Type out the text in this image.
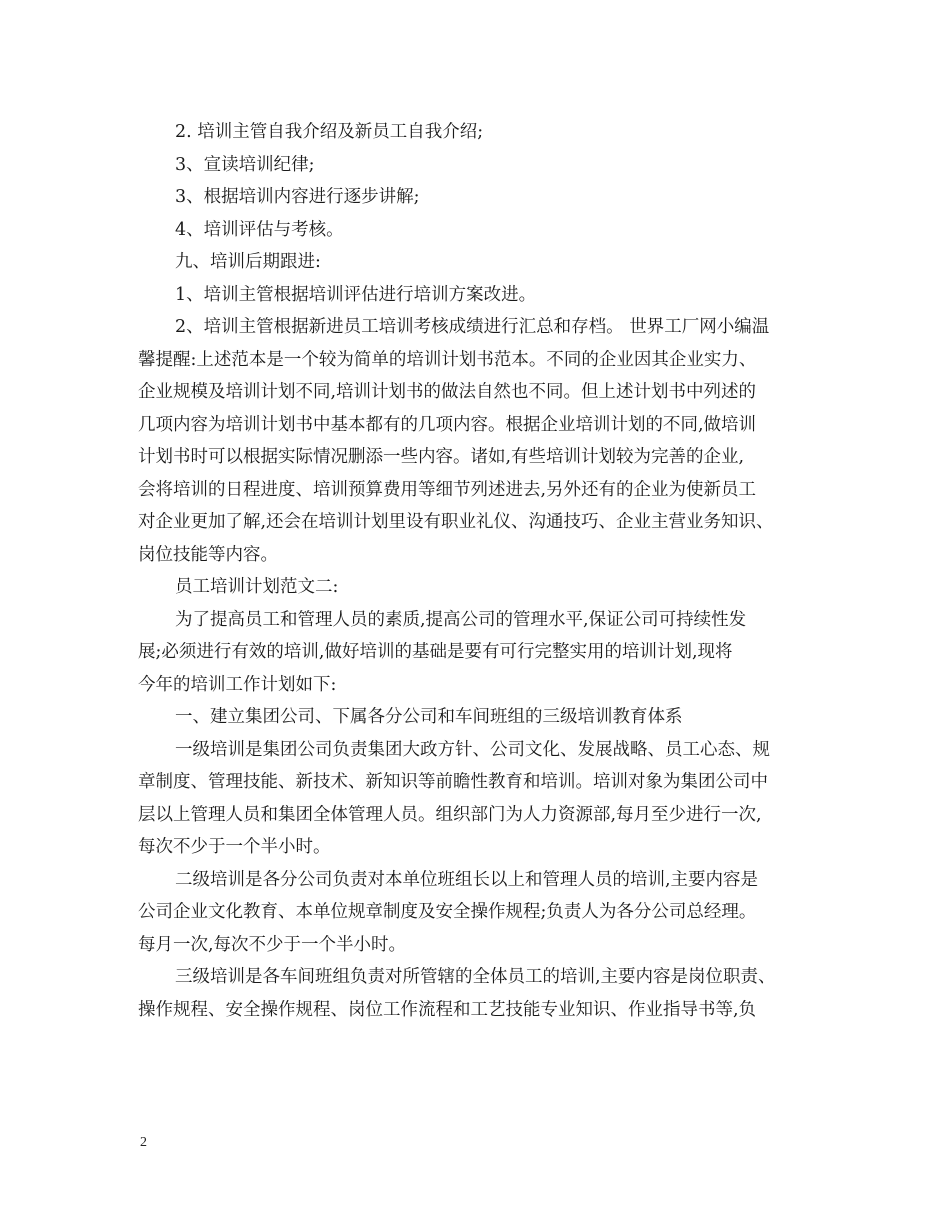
2. 培训主管自我介绍及新员工自我介绍;
3、宣读培训纪律;
3、根据培训内容进行逐步讲解;
4、培训评估与考核。
九、培训后期跟进:
1、培训主管根据培训评估进行培训方案改进。
2、培训主管根据新进员工培训考核成绩进行汇总和存档。 世界工厂网小编温
馨提醒:上述范本是一个较为简单的培训计划书范本。不同的企业因其企业实力、
企业规模及培训计划不同,培训计划书的做法自然也不同。但上述计划书中列述的
几项内容为培训计划书中基本都有的几项内容。根据企业培训计划的不同,做培训
计划书时可以根据实际情况删添一些内容。诸如,有些培训计划较为完善的企业,
会将培训的日程进度、培训预算费用等细节列述进去,另外还有的企业为使新员工
对企业更加了解,还会在培训计划里设有职业礼仪、沟通技巧、企业主营业务知识、
岗位技能等内容。
员工培训计划范文二:
为了提高员工和管理人员的素质,提高公司的管理水平,保证公司可持续性发
展;必须进行有效的培训,做好培训的基础是要有可行完整实用的培训计划,现将
今年的培训工作计划如下:
一、建立集团公司、下属各分公司和车间班组的三级培训教育体系
一级培训是集团公司负责集团大政方针、公司文化、发展战略、员工心态、规
章制度、管理技能、新技术、新知识等前瞻性教育和培训。培训对象为集团公司中
层以上管理人员和集团全体管理人员。组织部门为人力资源部,每月至少进行一次,
每次不少于一个半小时。
二级培训是各分公司负责对本单位班组长以上和管理人员的培训,主要内容是
公司企业文化教育、本单位规章制度及安全操作规程;负责人为各分公司总经理。
每月一次,每次不少于一个半小时。
三级培训是各车间班组负责对所管辖的全体员工的培训,主要内容是岗位职责、
操作规程、安全操作规程、岗位工作流程和工艺技能专业知识、作业指导书等,负
2
